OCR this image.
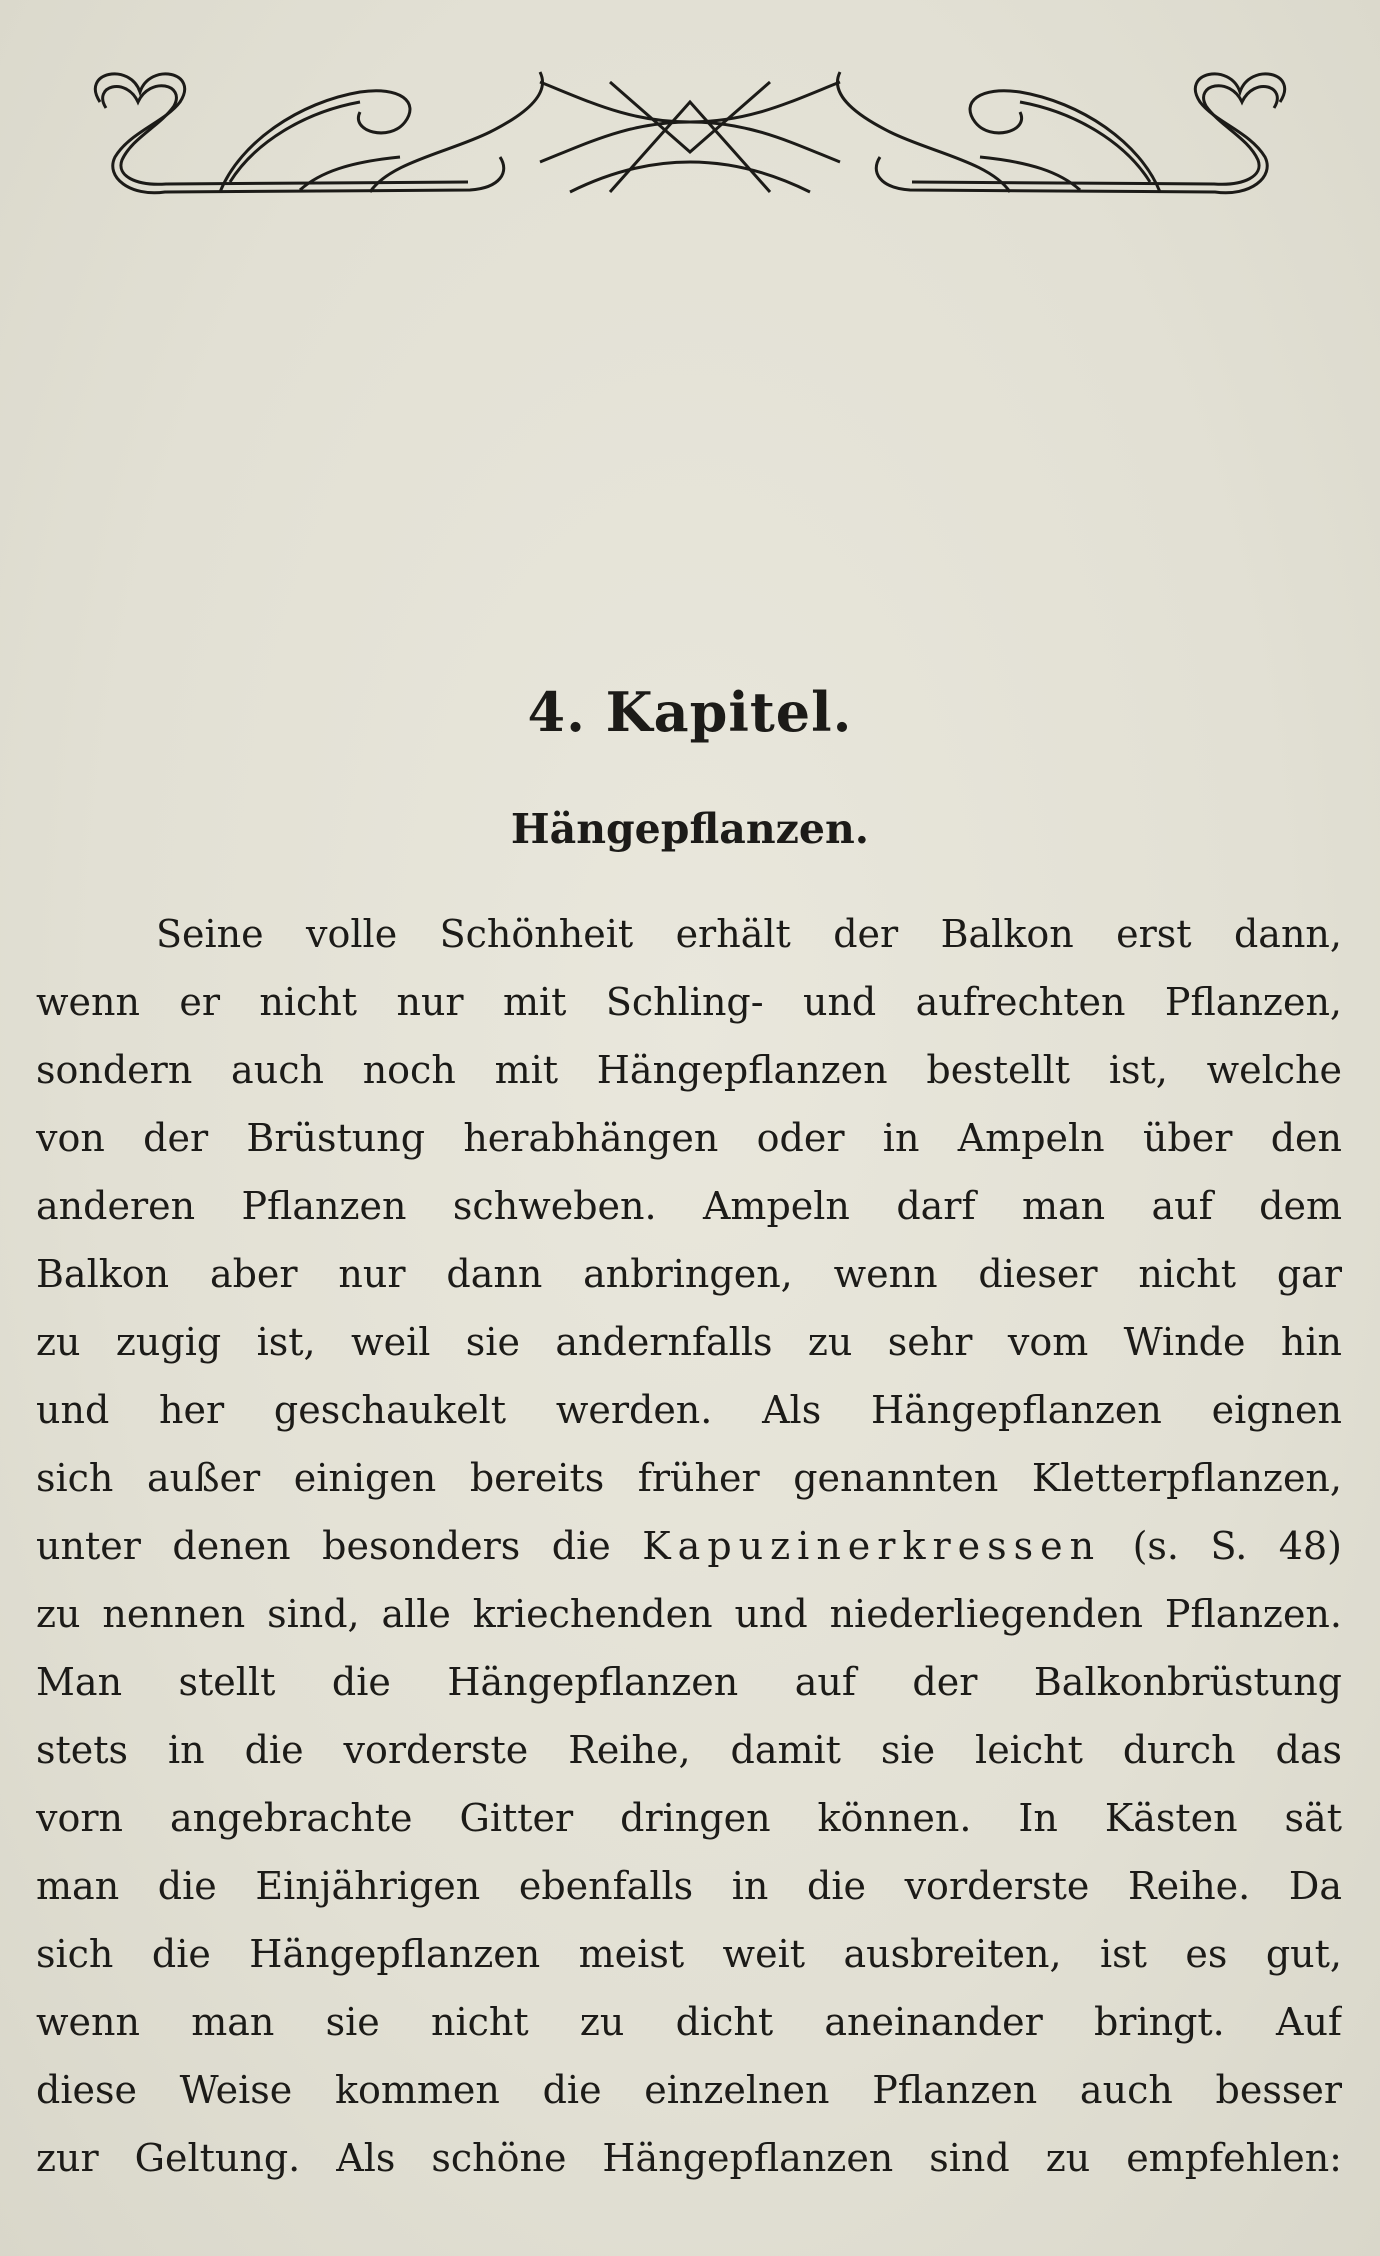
4. Kapitel.
Hängepflanzen.
Seine volle Schönheit erhält der Balkon erst dann,
wenn er nicht nur mit Schling- und aufrechten Pflanzen,
sondern auch noch mit Hängepflanzen bestellt ist, welche
von der Brüstung herabhängen oder in Ampeln über den
anderen Pflanzen schweben. Ampeln darf man auf dem
Balkon aber nur dann anbringen, wenn dieser nicht gar
zu zugig ist, weil sie andernfalls zu sehr vom Winde hin
und her geschaukelt werden. Als Hängepflanzen eignen
sich außer einigen bereits früher genannten Kletterpflanzen,
unter denen besonders die Kapuzinerkressen (s. S. 48)
zu nennen sind, alle kriechenden und niederliegenden Pflanzen.
Man stellt die Hängepflanzen auf der Balkonbrüstung
stets in die vorderste Reihe, damit sie leicht durch das
vorn angebrachte Gitter dringen können. In Kästen sät
man die Einjährigen ebenfalls in die vorderste Reihe. Da
sich die Hängepflanzen meist weit ausbreiten, ist es gut,
wenn man sie nicht zu dicht aneinander bringt. Auf
diese Weise kommen die einzelnen Pflanzen auch besser
zur Geltung. Als schöne Hängepflanzen sind zu empfehlen:
